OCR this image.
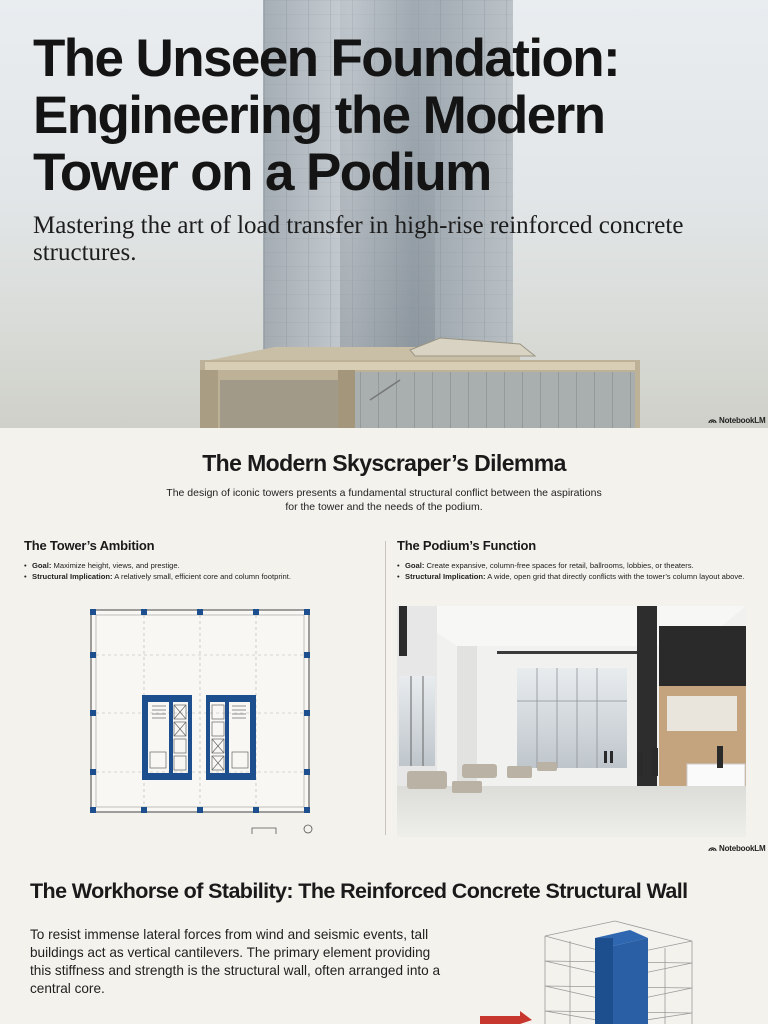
The Unseen Foundation:
Engineering the Modern
Tower on a Podium

Mastering the art of load transfer in high-rise reinforced concrete structures.

NotebookLM
The Modern Skyscraper’s Dilemma

The design of iconic towers presents a fundamental structural conflict between the aspirations for the tower and the needs of the podium.

The Tower’s Ambition
• Goal: Maximize height, views, and prestige.
• Structural Implication: A relatively small, efficient core and column footprint.
The Podium’s Function
• Goal: Create expansive, column-free spaces for retail, ballrooms, lobbies, or theaters.
• Structural Implication: A wide, open grid that directly conflicts with the tower’s column layout above.
NotebookLM
The Workhorse of Stability: The Reinforced Concrete Structural Wall

To resist immense lateral forces from wind and seismic events, tall buildings act as vertical cantilevers. The primary element providing this stiffness and strength is the structural wall, often arranged into a central core.
